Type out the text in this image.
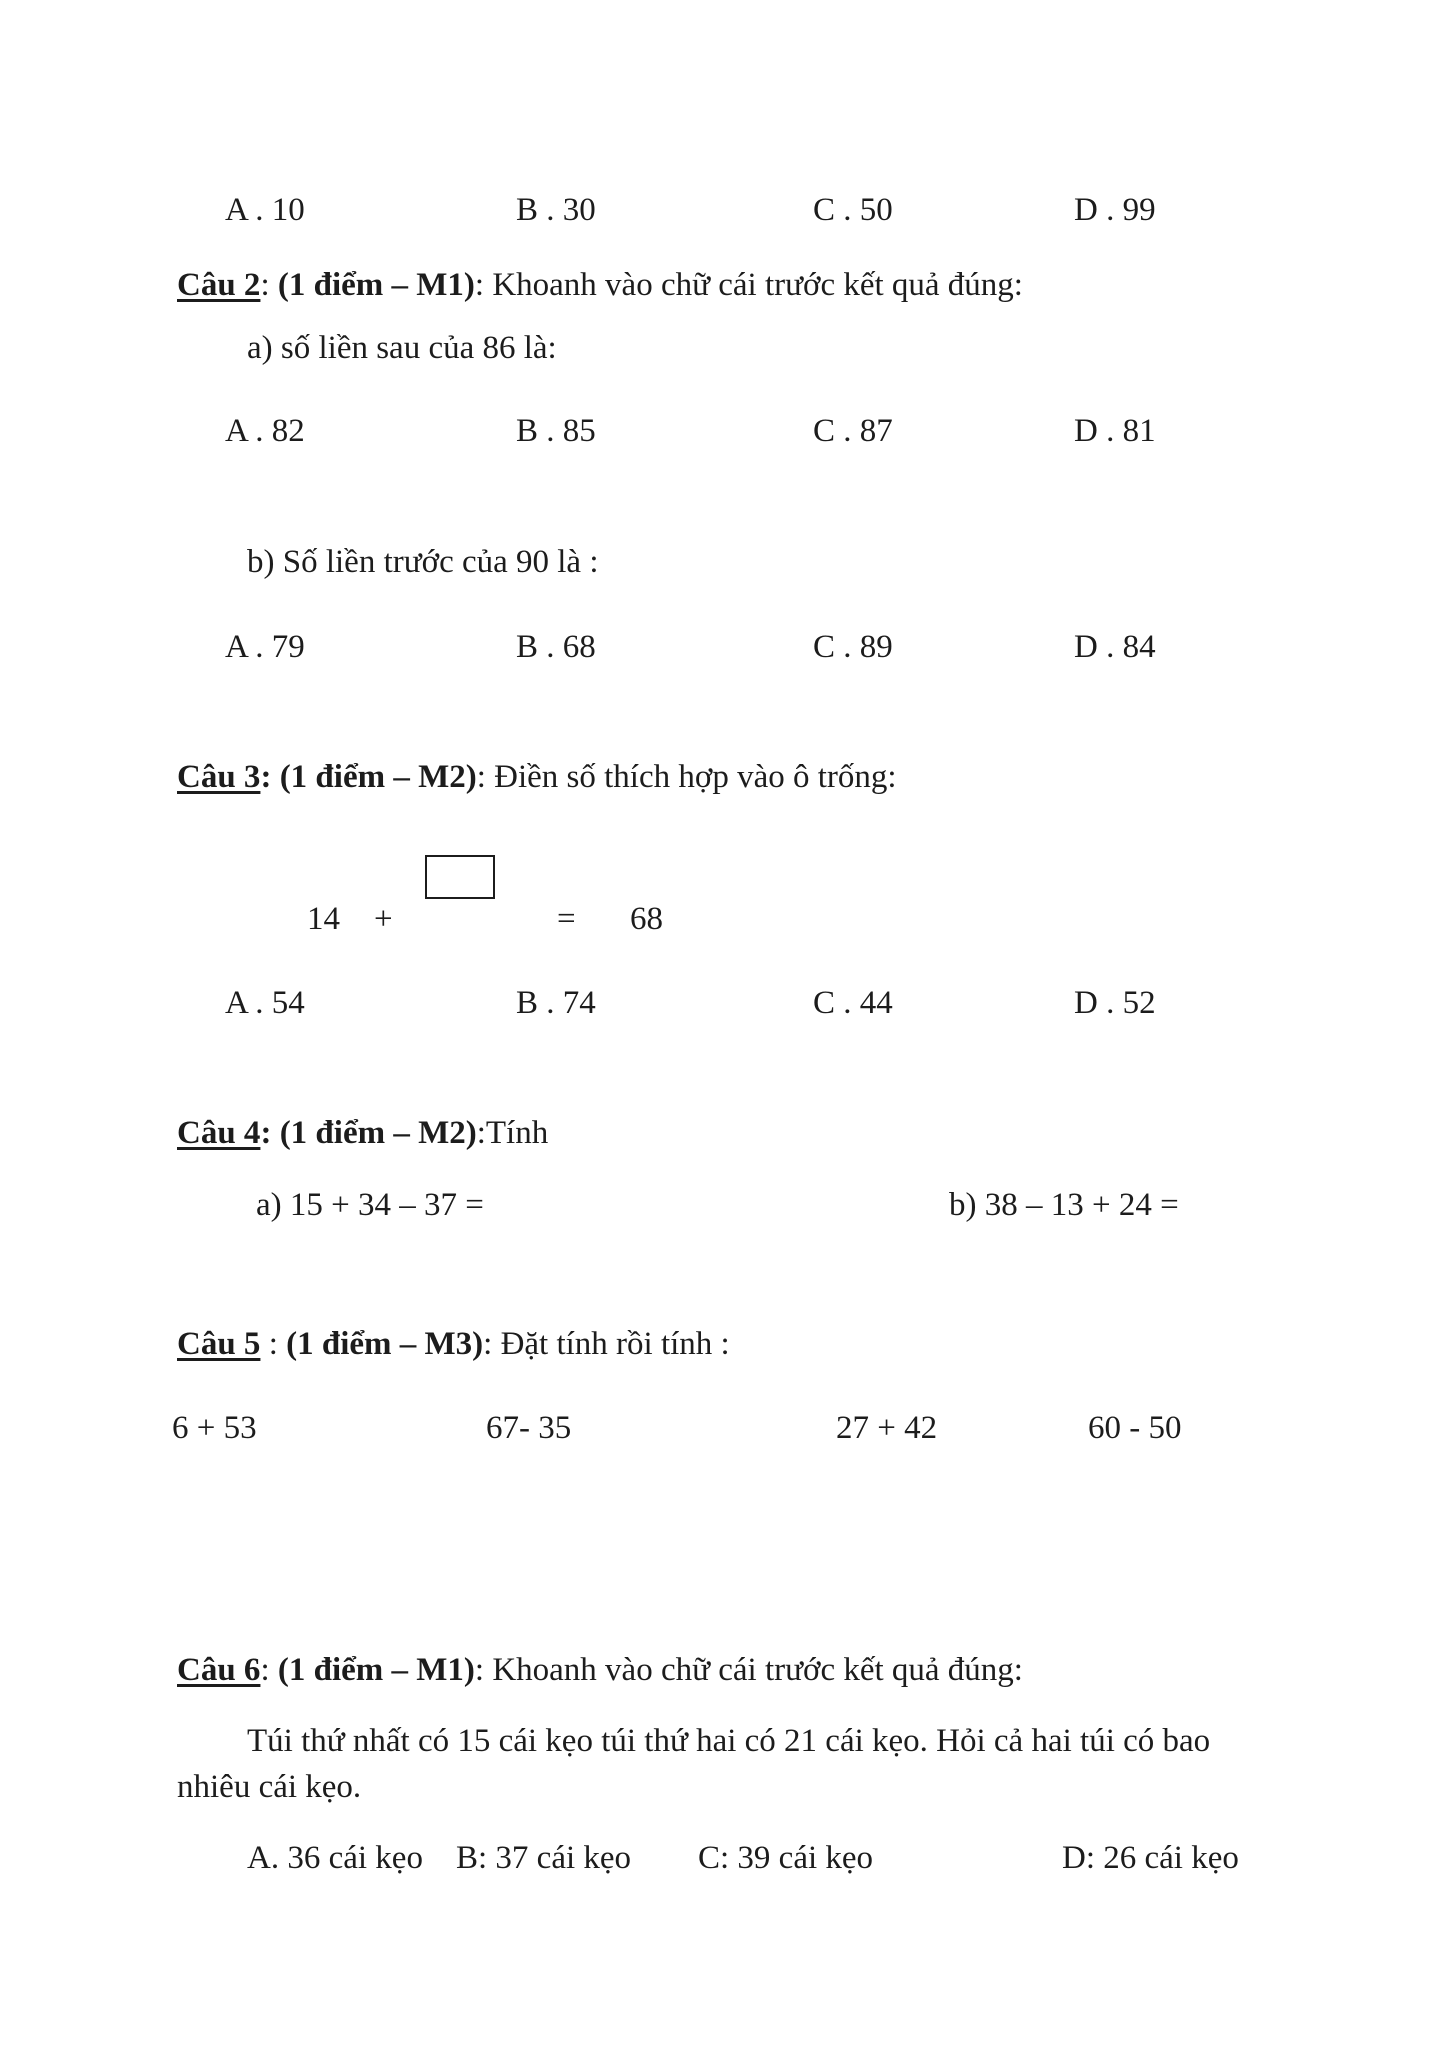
A . 10	B . 30	C . 50	D . 99
Câu 2: (1 điểm – M1): Khoanh vào chữ cái trước kết quả đúng:
a) số liền sau của 86 là:
A . 82	B . 85	C . 87	D . 81
b) Số liền trước của 90 là :
A . 79	B . 68	C . 89	D . 84
Câu 3: (1 điểm – M2): Điền số thích hợp vào ô trống:
14 +	= 68
A . 54	B . 74	C . 44	D . 52
Câu 4: (1 điểm – M2):Tính
a) 15 + 34 – 37 =	b) 38 – 13 + 24 =
Câu 5 : (1 điểm – M3): Đặt tính rồi tính :
6 + 53	67- 35	27 + 42	60 - 50
Câu 6: (1 điểm – M1): Khoanh vào chữ cái trước kết quả đúng:
Túi thứ nhất có 15 cái kẹo túi thứ hai có 21 cái kẹo. Hỏi cả hai túi có bao
nhiêu cái kẹo.
A. 36 cái kẹo B: 37 cái kẹo C: 39 cái kẹo	D: 26 cái kẹo
